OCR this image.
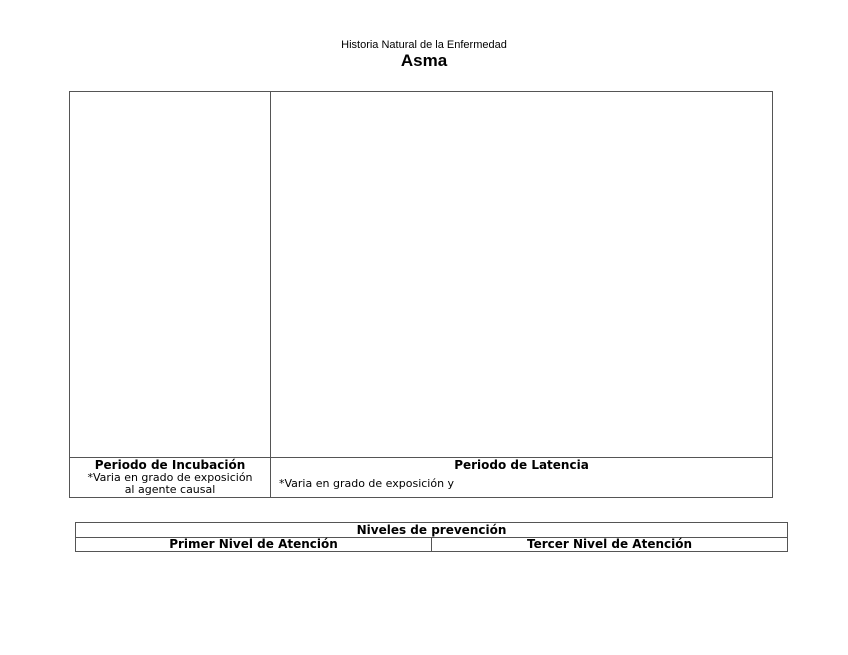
Historia Natural de la Enfermedad
Asma
Periodo de Incubación
*Varia en grado de exposición
al agente causal
Periodo de Latencia
*Varia en grado de exposición y
Niveles de prevención
Primer Nivel de Atención	Tercer Nivel de Atención
